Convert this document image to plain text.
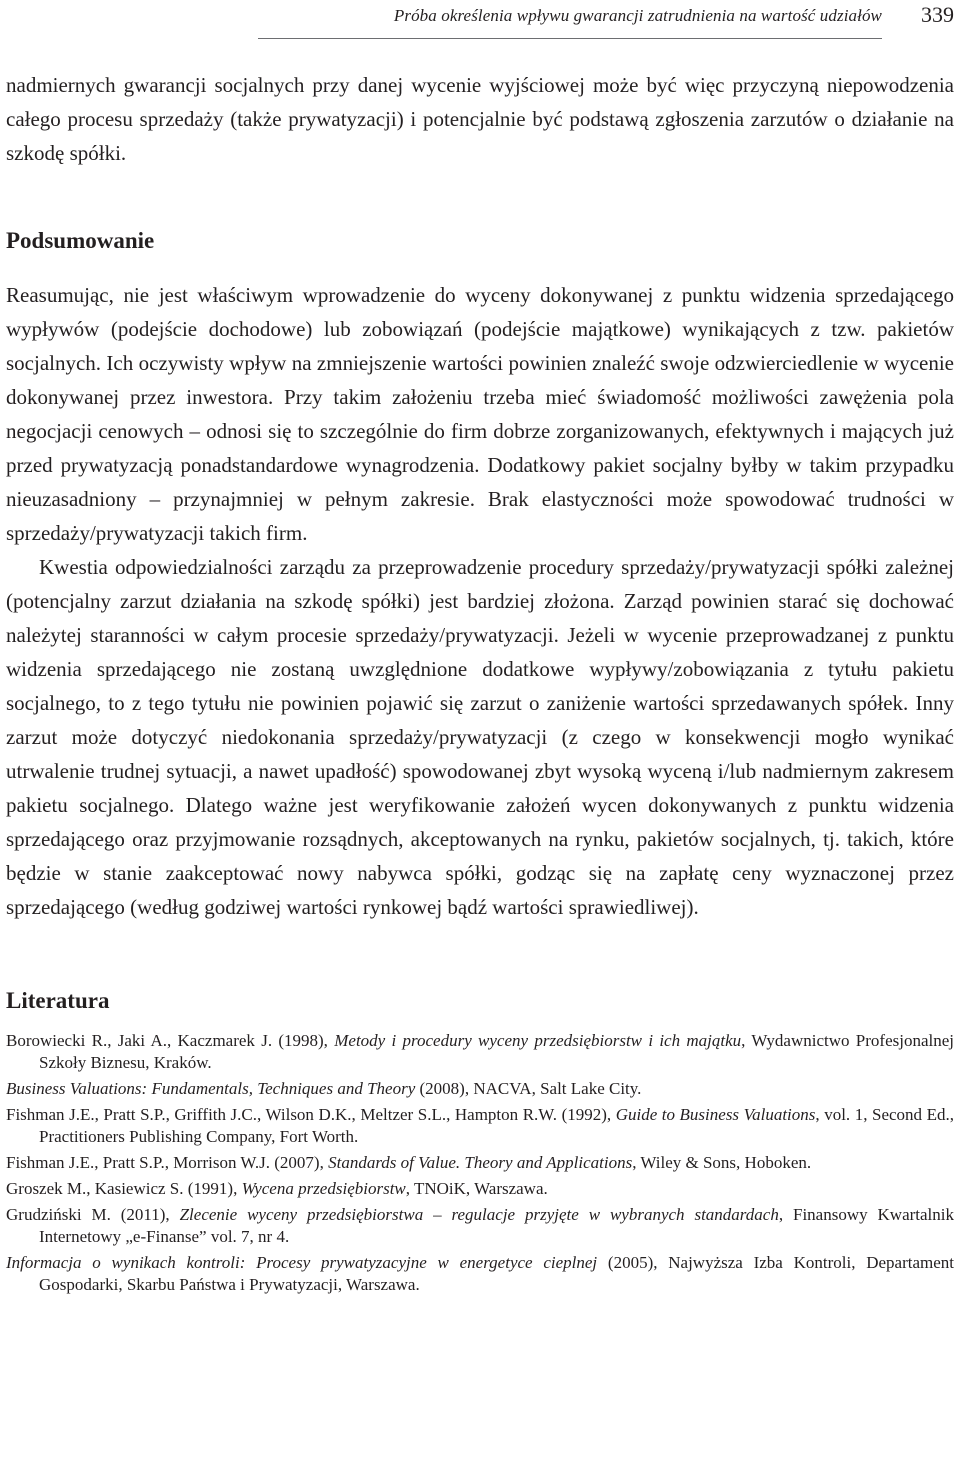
Próba określenia wpływu gwarancji zatrudnienia na wartość udziałów 339

nadmiernych gwarancji socjalnych przy danej wycenie wyjściowej może być więc przyczyną niepowodzenia całego procesu sprzedaży (także prywatyzacji) i potencjalnie być podstawą zgłoszenia zarzutów o działanie na szkodę spółki.

Podsumowanie

Reasumując, nie jest właściwym wprowadzenie do wyceny dokonywanej z punktu widzenia sprzedającego wypływów (podejście dochodowe) lub zobowiązań (podejście majątkowe) wynikających z tzw. pakietów socjalnych. Ich oczywisty wpływ na zmniejszenie wartości powinien znaleźć swoje odzwierciedlenie w wycenie dokonywanej przez inwestora. Przy takim założeniu trzeba mieć świadomość możliwości zawężenia pola negocjacji cenowych – odnosi się to szczególnie do firm dobrze zorganizowanych, efektywnych i mających już przed prywatyzacją ponadstandardowe wynagrodzenia. Dodatkowy pakiet socjalny byłby w takim przypadku nieuzasadniony – przynajmniej w pełnym zakresie. Brak elastyczności może spowodować trudności w sprzedaży/prywatyzacji takich firm.

Kwestia odpowiedzialności zarządu za przeprowadzenie procedury sprzedaży/prywatyzacji spółki zależnej (potencjalny zarzut działania na szkodę spółki) jest bardziej złożona. Zarząd powinien starać się dochować należytej staranności w całym procesie sprzedaży/prywatyzacji. Jeżeli w wycenie przeprowadzanej z punktu widzenia sprzedającego nie zostaną uwzględnione dodatkowe wypływy/zobowiązania z tytułu pakietu socjalnego, to z tego tytułu nie powinien pojawić się zarzut o zaniżenie wartości sprzedawanych spółek. Inny zarzut może dotyczyć niedokonania sprzedaży/prywatyzacji (z czego w konsekwencji mogło wynikać utrwalenie trudnej sytuacji, a nawet upadłość) spowodowanej zbyt wysoką wyceną i/lub nadmiernym zakresem pakietu socjalnego. Dlatego ważne jest weryfikowanie założeń wycen dokonywanych z punktu widzenia sprzedającego oraz przyjmowanie rozsądnych, akceptowanych na rynku, pakietów socjalnych, tj. takich, które będzie w stanie zaakceptować nowy nabywca spółki, godząc się na zapłatę ceny wyznaczonej przez sprzedającego (według godziwej wartości rynkowej bądź wartości sprawiedliwej).

Literatura
Borowiecki R., Jaki A., Kaczmarek J. (1998), Metody i procedury wyceny przedsiębiorstw i ich majątku, Wydawnictwo Profesjonalnej Szkoły Biznesu, Kraków.
Business Valuations: Fundamentals, Techniques and Theory (2008), NACVA, Salt Lake City.
Fishman J.E., Pratt S.P., Griffith J.C., Wilson D.K., Meltzer S.L., Hampton R.W. (1992), Guide to Business Valuations, vol. 1, Second Ed., Practitioners Publishing Company, Fort Worth.
Fishman J.E., Pratt S.P., Morrison W.J. (2007), Standards of Value. Theory and Applications, Wiley & Sons, Hoboken.
Groszek M., Kasiewicz S. (1991), Wycena przedsiębiorstw, TNOiK, Warszawa.
Grudziński M. (2011), Zlecenie wyceny przedsiębiorstwa – regulacje przyjęte w wybranych standardach, Finansowy Kwartalnik Internetowy „e-Finanse” vol. 7, nr 4.
Informacja o wynikach kontroli: Procesy prywatyzacyjne w energetyce cieplnej (2005), Najwyższa Izba Kontroli, Departament Gospodarki, Skarbu Państwa i Prywatyzacji, Warszawa.
